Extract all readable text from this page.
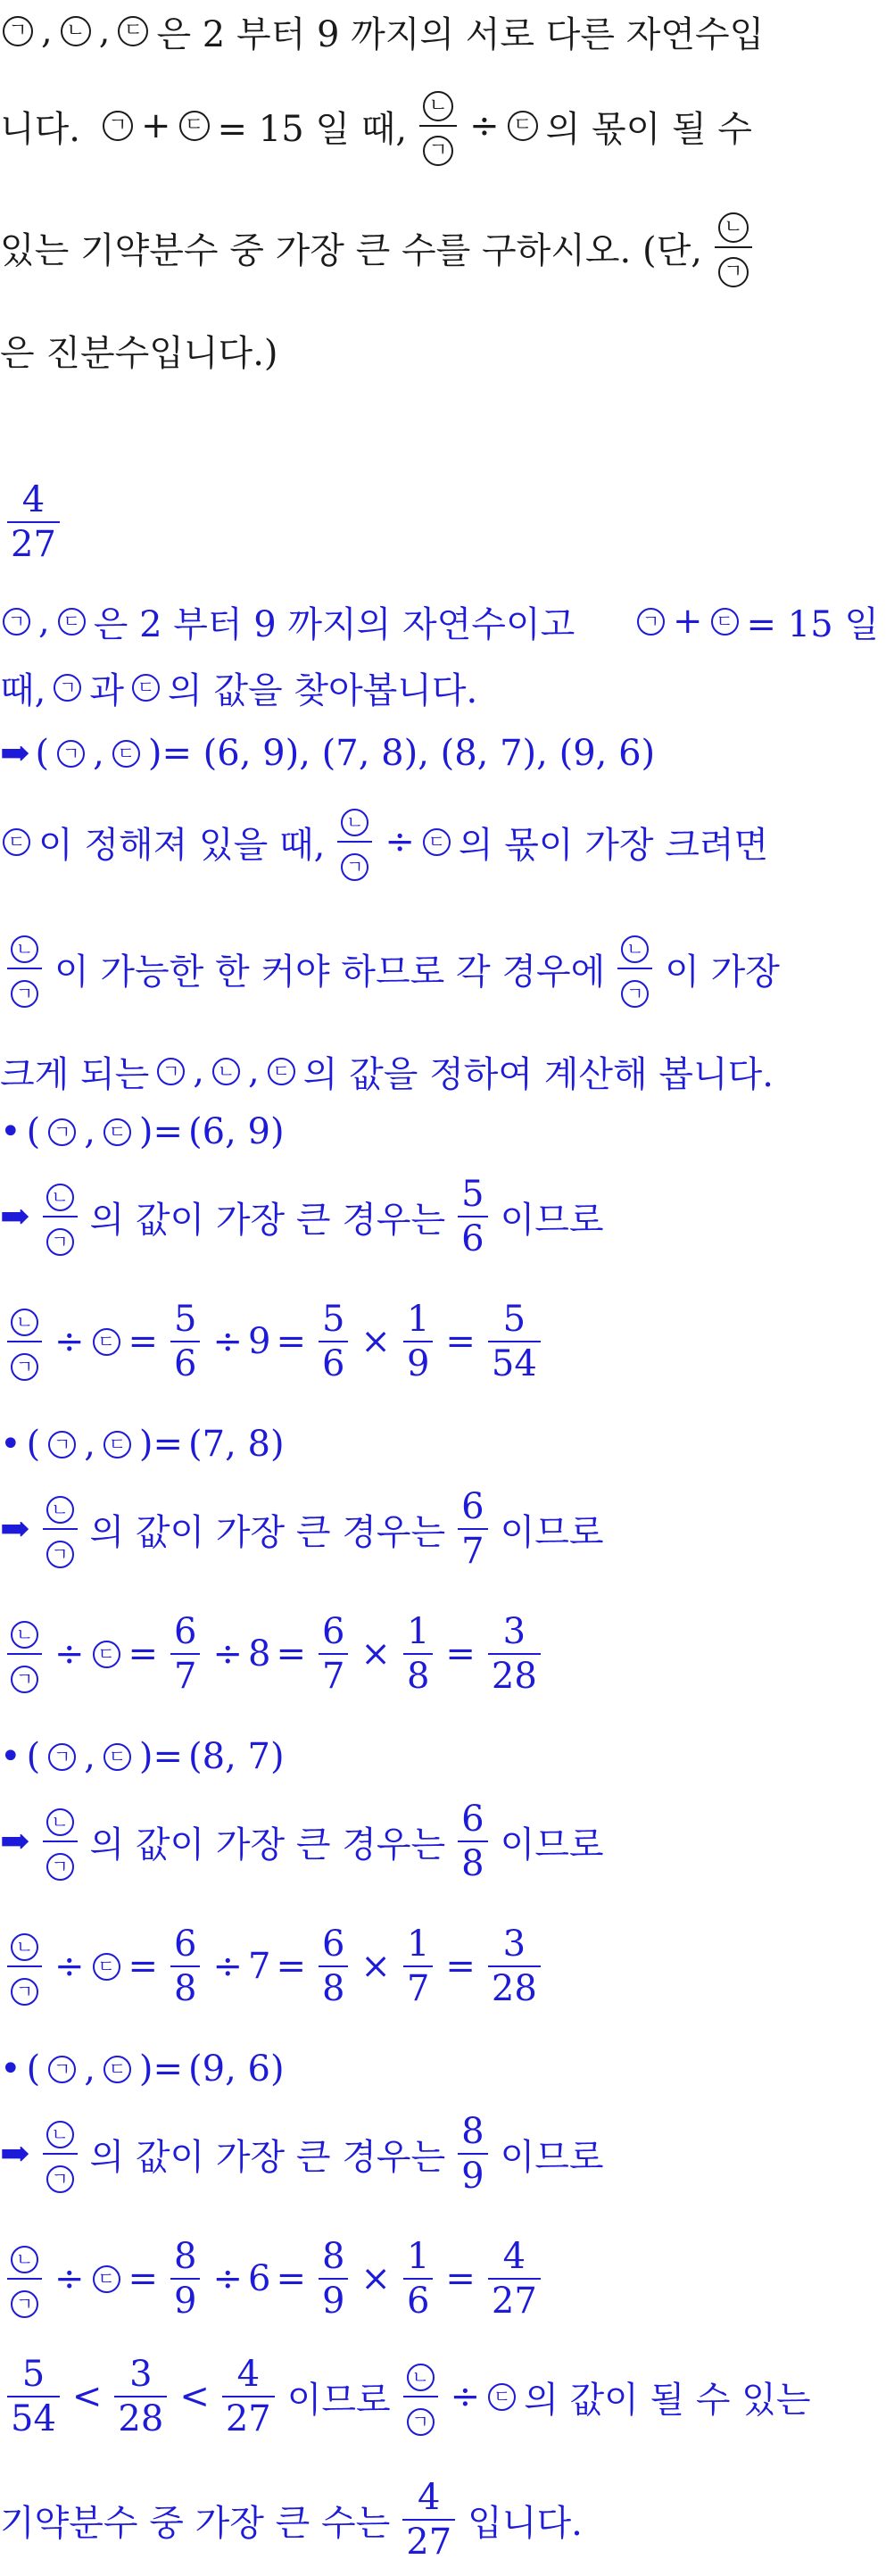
ㄱ , ㄴ , ㄷ 은 2 부터 9 까지의 서로 다른 자연수입
니다. ㄱ + ㄷ = 15 일 때, $\frac{\text{ㄴ}}{\text{ㄱ}}$ ÷ ㄷ 의 몫이 될 수
있는 기약분수 중 가장 큰 수를 구하시오. (단, $\frac{\text{ㄴ}}{\text{ㄱ}}$
은 진분수입니다.)
$\frac{4}{27}$
ㄱ , ㄷ 은 2 부터 9 까지의 자연수이고	ㄱ + ㄷ = 15 일
때, ㄱ 과 ㄷ 의 값을 찾아봅니다.
➡ ( ㄱ , ㄷ )= (6, 9), (7, 8), (8, 7), (9, 6)
ㄷ 이 정해져 있을 때, $\frac{\text{ㄴ}}{\text{ㄱ}}$ ÷ ㄷ 의 몫이 가장 크려면
$\frac{\text{ㄴ}}{\text{ㄱ}}$ 이 가능한 한 커야 하므로 각 경우에 $\frac{\text{ㄴ}}{\text{ㄱ}}$ 이 가장
크게 되는 ㄱ , ㄴ , ㄷ 의 값을 정하여 계산해 봅니다.
• ( ㄱ , ㄷ )= (6, 9)
➡ $\frac{\text{ㄴ}}{\text{ㄱ}}$ 의 값이 가장 큰 경우는 $\frac{5}{6}$ 이므로
$\frac{\text{ㄴ}}{\text{ㄱ}}$ ÷ ㄷ = $\frac{5}{6} \div 9 = \frac{5}{6} \times \frac{1}{9} = \frac{5}{54}$
• ( ㄱ , ㄷ )= (7, 8)
➡ $\frac{\text{ㄴ}}{\text{ㄱ}}$ 의 값이 가장 큰 경우는 $\frac{6}{7}$ 이므로
$\frac{\text{ㄴ}}{\text{ㄱ}}$ ÷ ㄷ = $\frac{6}{7} \div 8 = \frac{6}{7} \times \frac{1}{8} = \frac{3}{28}$
• ( ㄱ , ㄷ )= (8, 7)
➡ $\frac{\text{ㄴ}}{\text{ㄱ}}$ 의 값이 가장 큰 경우는 $\frac{6}{8}$ 이므로
$\frac{\text{ㄴ}}{\text{ㄱ}}$ ÷ ㄷ = $\frac{6}{8} \div 7 = \frac{6}{8} \times \frac{1}{7} = \frac{3}{28}$
• ( ㄱ , ㄷ )= (9, 6)
➡ $\frac{\text{ㄴ}}{\text{ㄱ}}$ 의 값이 가장 큰 경우는 $\frac{8}{9}$ 이므로
$\frac{\text{ㄴ}}{\text{ㄱ}}$ ÷ ㄷ = $\frac{8}{9} \div 6 = \frac{8}{9} \times \frac{1}{6} = \frac{4}{27}$
$\frac{5}{54} < \frac{3}{28} < \frac{4}{27}$ 이므로 $\frac{\text{ㄴ}}{\text{ㄱ}}$ ÷ ㄷ 의 값이 될 수 있는
기약분수 중 가장 큰 수는 $\frac{4}{27}$ 입니다.
